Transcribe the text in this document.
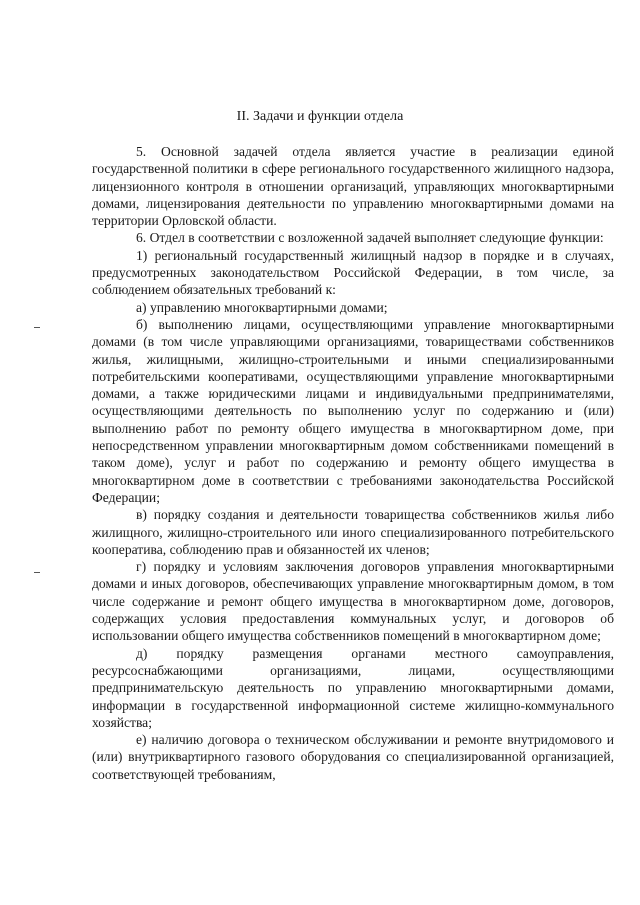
II. Задачи и функции отдела

5. Основной задачей отдела является участие в реализации единой государственной политики в сфере регионального государственного жилищного надзора, лицензионного контроля в отношении организаций, управляющих многоквартирными домами, лицензирования деятельности по управлению многоквартирными домами на территории Орловской области.

6. Отдел в соответствии с возложенной задачей выполняет следующие функции:

1) региональный государственный жилищный надзор в порядке и в случаях, предусмотренных законодательством Российской Федерации, в том числе, за соблюдением обязательных требований к:

а) управлению многоквартирными домами;

б) выполнению лицами, осуществляющими управление многоквартирными домами (в том числе управляющими организациями, товариществами собственников жилья, жилищными, жилищно-строительными и иными специализированными потребительскими кооперативами, осуществляющими управление многоквартирными домами, а также юридическими лицами и индивидуальными предпринимателями, осуществляющими деятельность по выполнению услуг по содержанию и (или) выполнению работ по ремонту общего имущества в многоквартирном доме, при непосредственном управлении многоквартирным домом собственниками помещений в таком доме), услуг и работ по содержанию и ремонту общего имущества в многоквартирном доме в соответствии с требованиями законодательства Российской Федерации;

в) порядку создания и деятельности товарищества собственников жилья либо жилищного, жилищно-строительного или иного специализированного потребительского кооператива, соблюдению прав и обязанностей их членов;

г) порядку и условиям заключения договоров управления многоквартирными домами и иных договоров, обеспечивающих управление многоквартирным домом, в том числе содержание и ремонт общего имущества в многоквартирном доме, договоров, содержащих условия предоставления коммунальных услуг, и договоров об использовании общего имущества собственников помещений в многоквартирном доме;

д) порядку размещения органами местного самоуправления, ресурсоснабжающими организациями, лицами, осуществляющими предпринимательскую деятельность по управлению многоквартирными домами, информации в государственной информационной системе жилищно-коммунального хозяйства;

е) наличию договора о техническом обслуживании и ремонте внутридомового и (или) внутриквартирного газового оборудования со специализированной организацией, соответствующей требованиям,
